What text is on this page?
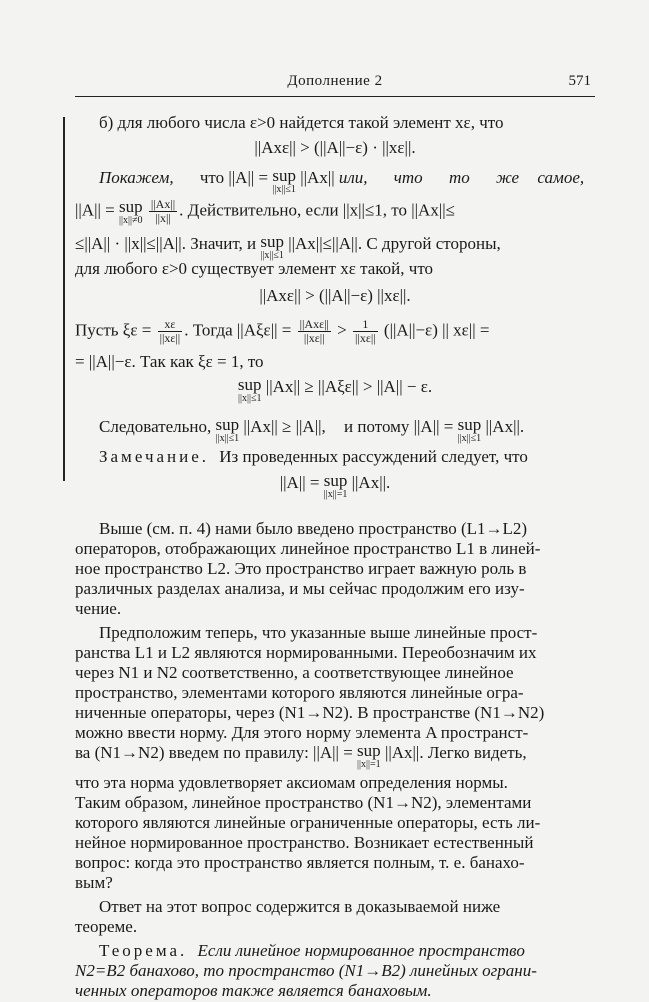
Дополнение 2	571
б) для любого числа ε>0 найдется такой элемент xε, что
||Axε|| > (||A||−ε) · ||xε||.
Покажем, что ||A|| = sup
||x||≤1
||Ax|| или, что то же самое,
||A|| = sup
||x||≠0
$\frac{||Ax||}{||x||}$ . Действительно, если ||x||≤1, то ||Ax||≤
≤||A|| · ||x||≤||A||. Значит, и sup
||x||≤1
||Ax||≤||A||. С другой стороны,
для любого ε>0 существует элемент xε такой, что
||Axε|| > (||A||−ε) ||xε||.
Пусть $\xi\varepsilon = \frac{x\varepsilon}{||x\varepsilon||}$ . Тогда $||A\xi\varepsilon|| = \frac{\text{||Axε||}}{||x\varepsilon||} > \frac{1}{||x\varepsilon||} (||A||-\varepsilon)$ || xε|| =
= ||A||−ε. Так как ξε = 1, то
sup
||x||≤1
||Ax|| ≥ ||Aξε|| > ||A|| − ε.
Следовательно, sup
||x||≤1
||Ax|| ≥ ||A||, и потому ||A|| = sup
||x||≤1
||Ax||.
Замечание. Из проведенных рассуждений следует, что
||A|| = sup
||x||=1
||Ax||.
Выше (см. п. 4) нами было введено пространство (L1→L2)
операторов, отображающих линейное пространство L1 в линей-
ное пространство L2. Это пространство играет важную роль в
различных разделах анализа, и мы сейчас продолжим его изу-
чение.
Предположим теперь, что указанные выше линейные прост-
ранства L1 и L2 являются нормированными. Переобозначим их
через N1 и N2 соответственно, а соответствующее линейное
пространство, элементами которого являются линейные огра-
ниченные операторы, через (N1→N2). В пространстве (N1→N2)
можно ввести норму. Для этого норму элемента A пространст-
ва (N1→N2) введем по правилу: ||A|| = sup
||x||=1
||Ax||. Легко видеть,
что эта норма удовлетворяет аксиомам определения нормы.
Таким образом, линейное пространство (N1→N2), элементами
которого являются линейные ограниченные операторы, есть ли-
нейное нормированное пространство. Возникает естественный
вопрос: когда это пространство является полным, т. е. банахо-
вым?
Ответ на этот вопрос содержится в доказываемой ниже
теореме.
Теорема. Если линейное нормированное пространство
N2=B2 банахово, то пространство (N1→B2) линейных ограни-
ченных операторов также является банаховым.
